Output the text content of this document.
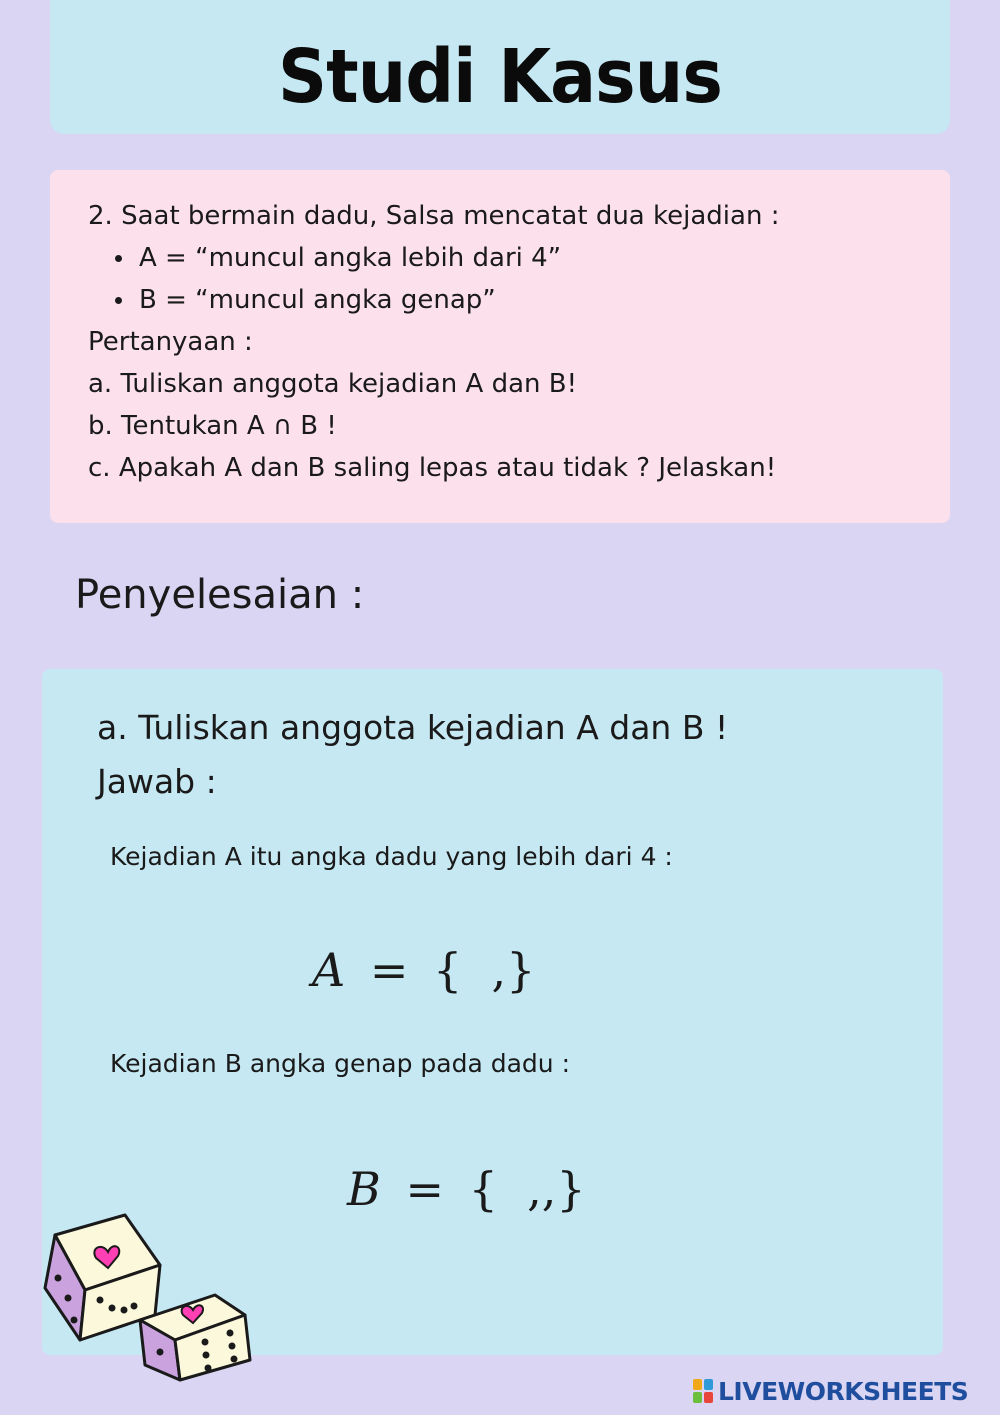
Studi Kasus
2. Saat bermain dadu, Salsa mencatat dua kejadian :
A = “muncul angka lebih dari 4”
B = “muncul angka genap”
Pertanyaan :
a. Tuliskan anggota kejadian A dan B!
b. Tentukan A ∩ B !
c. Apakah A dan B saling lepas atau tidak ? Jelaskan!
Penyelesaian :
a. Tuliskan anggota kejadian A dan B !
Jawab :
Kejadian A itu angka dadu yang lebih dari 4 :
A = {  ,}
Kejadian B angka genap pada dadu :
B = {  ,,}
LIVEWORKSHEETS
